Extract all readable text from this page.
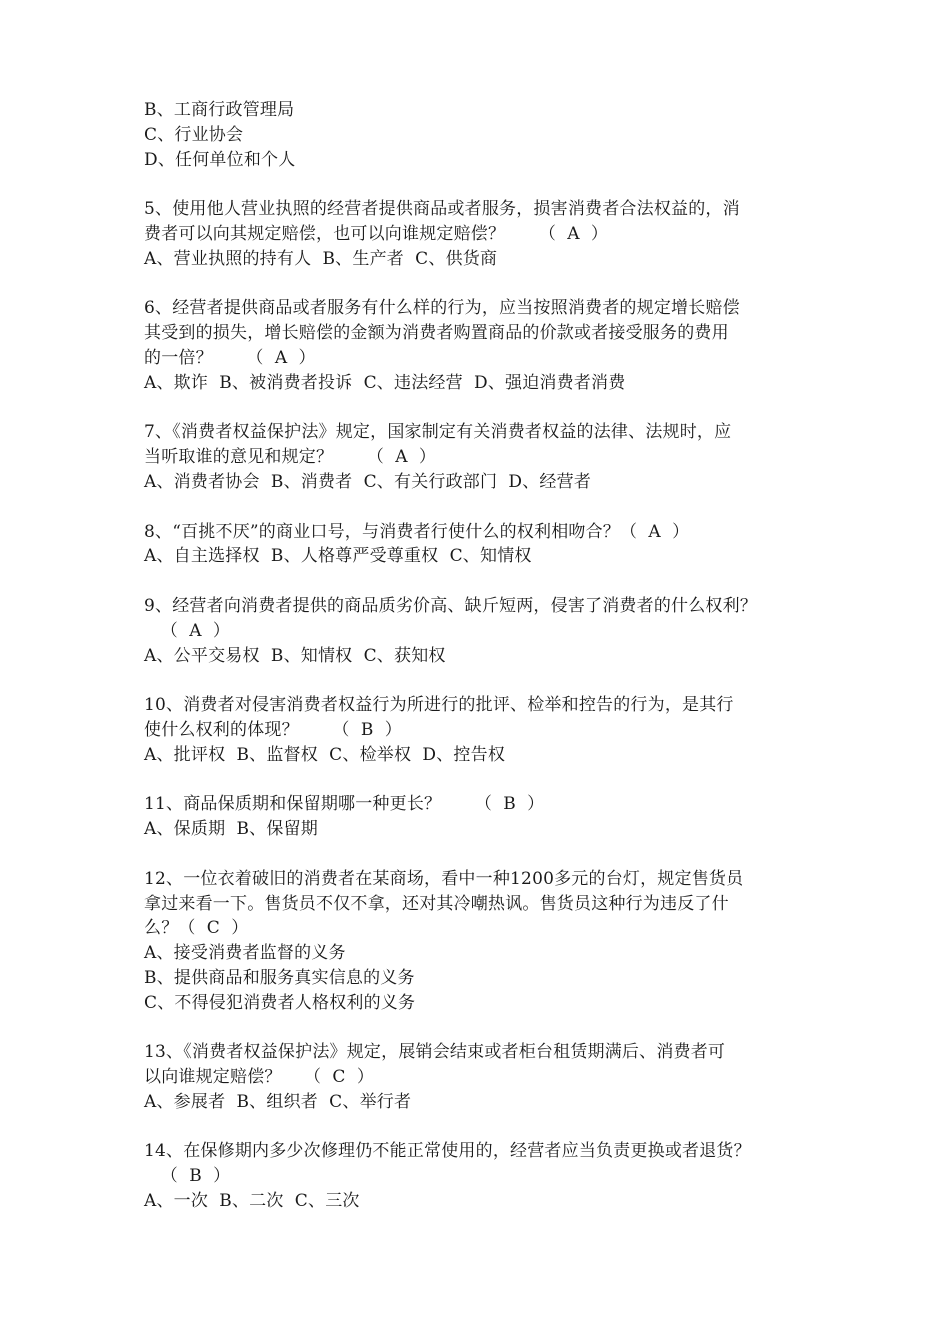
B、工商行政管理局
C、行业协会
D、任何单位和个人
5、使用他人营业执照的经营者提供商品或者服务，损害消费者合法权益的，消
费者可以向其规定赔偿，也可以向谁规定赔偿？      （  A  ）
A、营业执照的持有人  B、生产者  C、供货商
6、经营者提供商品或者服务有什么样的行为，应当按照消费者的规定增长赔偿
其受到的损失，增长赔偿的金额为消费者购置商品的价款或者接受服务的费用
的一倍？      （  A  ）
A、欺诈  B、被消费者投诉  C、违法经营  D、强迫消费者消费
7、《消费者权益保护法》规定，国家制定有关消费者权益的法律、法规时，应
当听取谁的意见和规定？      （  A  ）
A、消费者协会  B、消费者  C、有关行政部门  D、经营者
8、“百挑不厌”的商业口号，与消费者行使什么的权利相吻合？（  A  ）
A、自主选择权  B、人格尊严受尊重权  C、知情权
9、经营者向消费者提供的商品质劣价高、缺斤短两，侵害了消费者的什么权利？
（  A  ）
A、公平交易权  B、知情权  C、获知权
10、消费者对侵害消费者权益行为所进行的批评、检举和控告的行为，是其行
使什么权利的体现？      （  B  ）
A、批评权  B、监督权  C、检举权  D、控告权
11、商品保质期和保留期哪一种更长？      （  B  ）
A、保质期  B、保留期
12、一位衣着破旧的消费者在某商场，看中一种1200多元的台灯，规定售货员
拿过来看一下。售货员不仅不拿，还对其冷嘲热讽。售货员这种行为违反了什
么？（  C  ）
A、接受消费者监督的义务
B、提供商品和服务真实信息的义务
C、不得侵犯消费者人格权利的义务
13、《消费者权益保护法》规定，展销会结束或者柜台租赁期满后、消费者可
以向谁规定赔偿？    （  C  ）
A、参展者  B、组织者  C、举行者
14、在保修期内多少次修理仍不能正常使用的，经营者应当负责更换或者退货？
（  B  ）
A、一次  B、二次  C、三次
